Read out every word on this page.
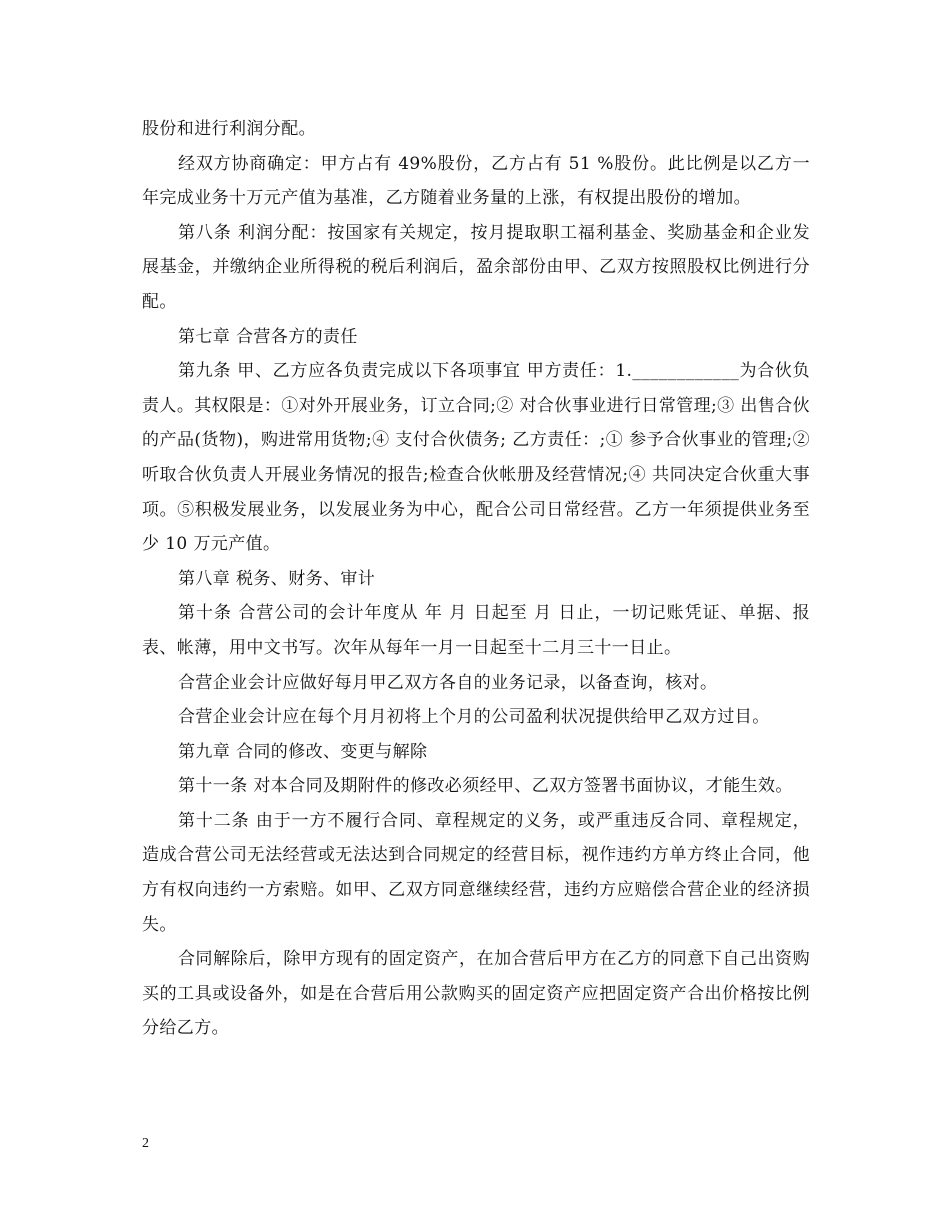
股份和进行利润分配。

经双方协商确定：甲方占有 49%股份，乙方占有 51 %股份。此比例是以乙方一年完成业务十万元产值为基准，乙方随着业务量的上涨，有权提出股份的增加。

第八条 利润分配：按国家有关规定，按月提取职工福利基金、奖励基金和企业发展基金，并缴纳企业所得税的税后利润后，盈余部份由甲、乙双方按照股权比例进行分配。

第七章 合营各方的责任

第九条 甲、乙方应各负责完成以下各项事宜 甲方责任：1.____________为合伙负责人。其权限是：①对外开展业务，订立合同;② 对合伙事业进行日常管理;③ 出售合伙的产品(货物)，购进常用货物;④ 支付合伙债务; 乙方责任：;① 参予合伙事业的管理;② 听取合伙负责人开展业务情况的报告;检查合伙帐册及经营情况;④ 共同决定合伙重大事项。⑤积极发展业务，以发展业务为中心，配合公司日常经营。乙方一年须提供业务至少 10 万元产值。

第八章 税务、财务、审计

第十条 合营公司的会计年度从 年 月 日起至 月 日止，一切记账凭证、单据、报表、帐薄，用中文书写。次年从每年一月一日起至十二月三十一日止。

合营企业会计应做好每月甲乙双方各自的业务记录，以备查询，核对。

合营企业会计应在每个月月初将上个月的公司盈利状况提供给甲乙双方过目。

第九章 合同的修改、变更与解除

第十一条 对本合同及期附件的修改必须经甲、乙双方签署书面协议，才能生效。

第十二条 由于一方不履行合同、章程规定的义务，或严重违反合同、章程规定，造成合营公司无法经营或无法达到合同规定的经营目标，视作违约方单方终止合同，他方有权向违约一方索赔。如甲、乙双方同意继续经营，违约方应赔偿合营企业的经济损失。

合同解除后，除甲方现有的固定资产，在加合营后甲方在乙方的同意下自己出资购买的工具或设备外，如是在合营后用公款购买的固定资产应把固定资产合出价格按比例分给乙方。

2
